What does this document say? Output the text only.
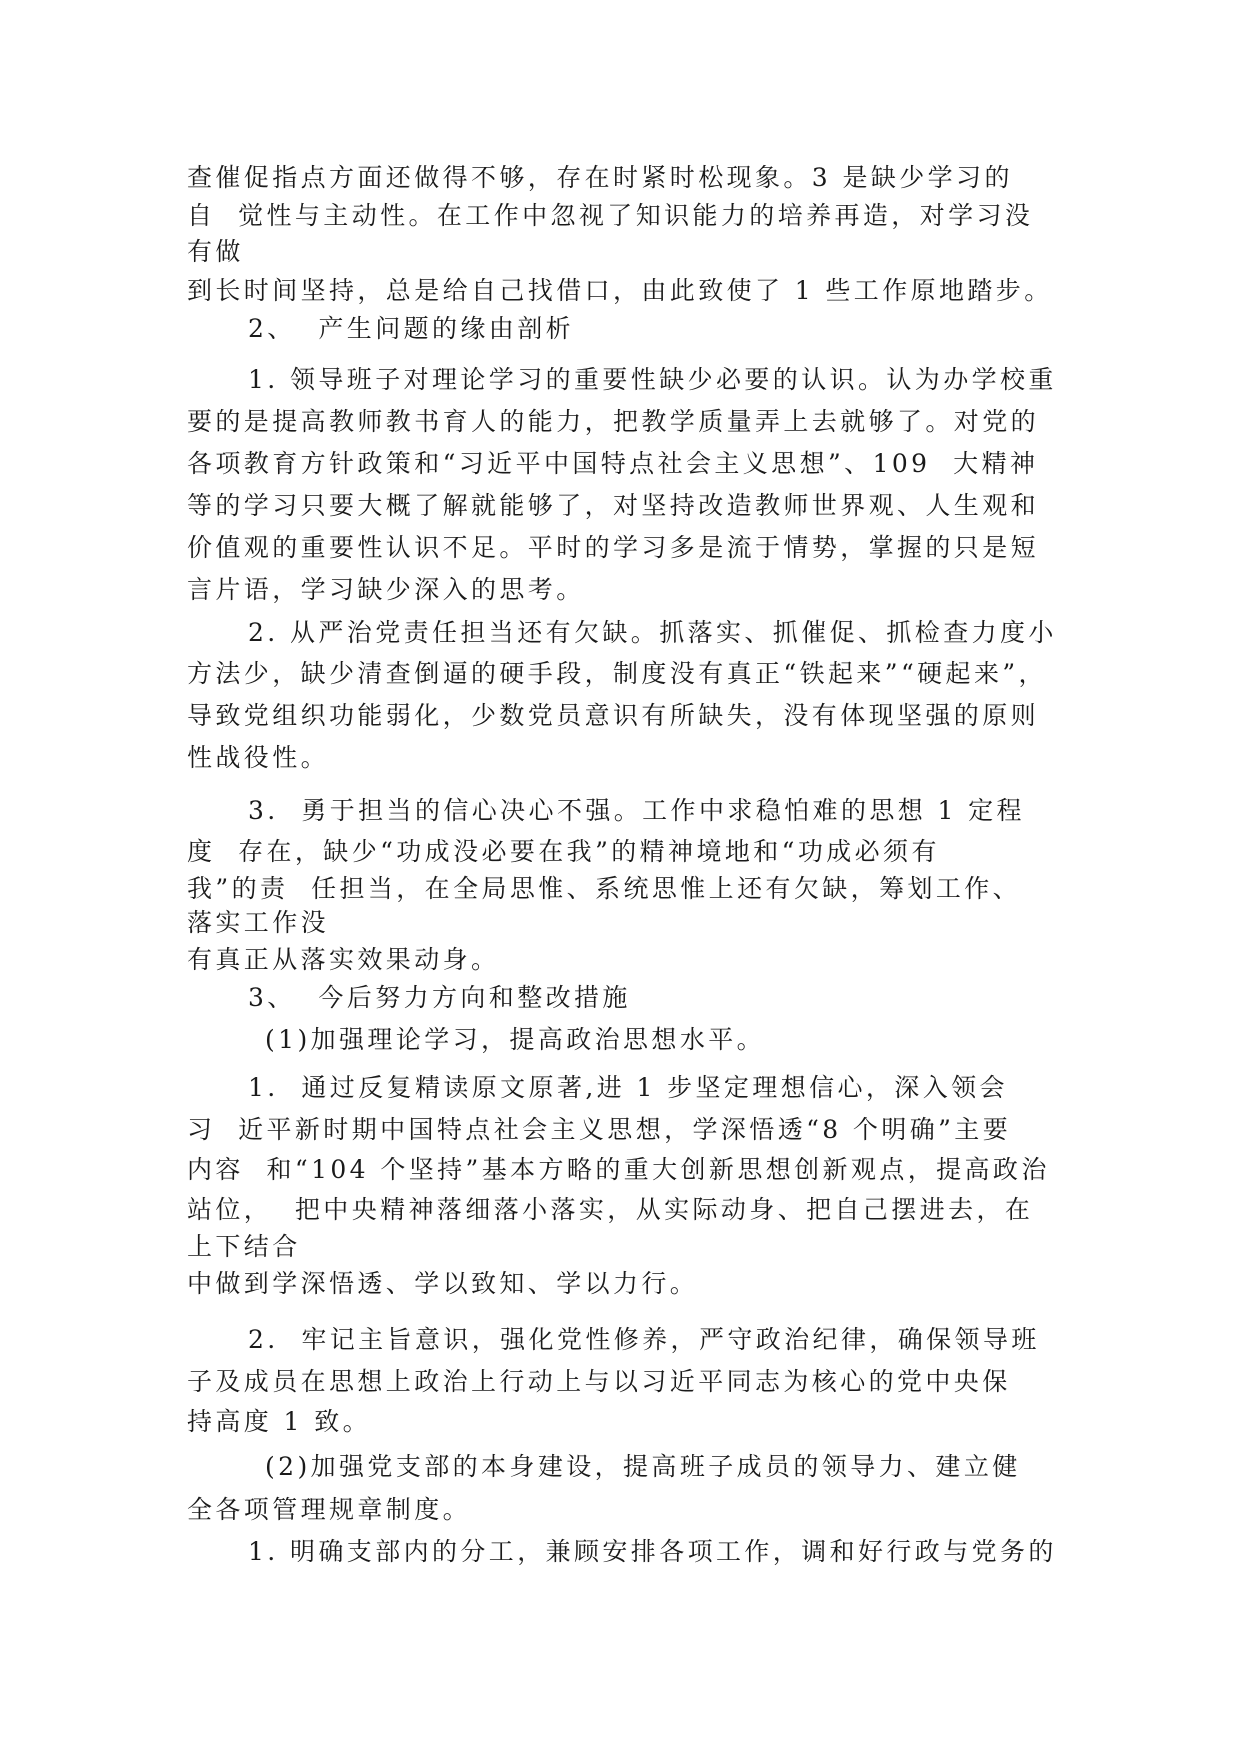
查催促指点方面还做得不够，存在时紧时松现象。3 是缺少学习的

自  觉性与主动性。在工作中忽视了知识能力的培养再造，对学习没

有做

到长时间坚持，总是给自己找借口，由此致使了 1 些工作原地踏步。

2、  产生问题的缘由剖析

1. 领导班子对理论学习的重要性缺少必要的认识。认为办学校重

要的是提高教师教书育人的能力，把教学质量弄上去就够了。对党的

各项教育方针政策和“习近平中国特点社会主义思想”、109  大精神

等的学习只要大概了解就能够了，对坚持改造教师世界观、人生观和

价值观的重要性认识不足。平时的学习多是流于情势，掌握的只是短

言片语，学习缺少深入的思考。

2. 从严治党责任担当还有欠缺。抓落实、抓催促、抓检查力度小

方法少，缺少清查倒逼的硬手段，制度没有真正“铁起来”“硬起来”，

导致党组织功能弱化，少数党员意识有所缺失，没有体现坚强的原则

性战役性。

3.  勇于担当的信心决心不强。工作中求稳怕难的思想 1 定程

度  存在，缺少“功成没必要在我”的精神境地和“功成必须有

我”的责  任担当，在全局思惟、系统思惟上还有欠缺，筹划工作、

落实工作没

有真正从落实效果动身。

3、  今后努力方向和整改措施

(1)加强理论学习，提高政治思想水平。

1.  通过反复精读原文原著,进 1 步坚定理想信心，深入领会

习  近平新时期中国特点社会主义思想，学深悟透“8 个明确”主要

内容  和“104 个坚持”基本方略的重大创新思想创新观点，提高政治

站位，  把中央精神落细落小落实，从实际动身、把自己摆进去，在

上下结合

中做到学深悟透、学以致知、学以力行。

2.  牢记主旨意识，强化党性修养，严守政治纪律，确保领导班

子及成员在思想上政治上行动上与以习近平同志为核心的党中央保

持高度 1 致。

(2)加强党支部的本身建设，提高班子成员的领导力、建立健

全各项管理规章制度。

1. 明确支部内的分工，兼顾安排各项工作，调和好行政与党务的
